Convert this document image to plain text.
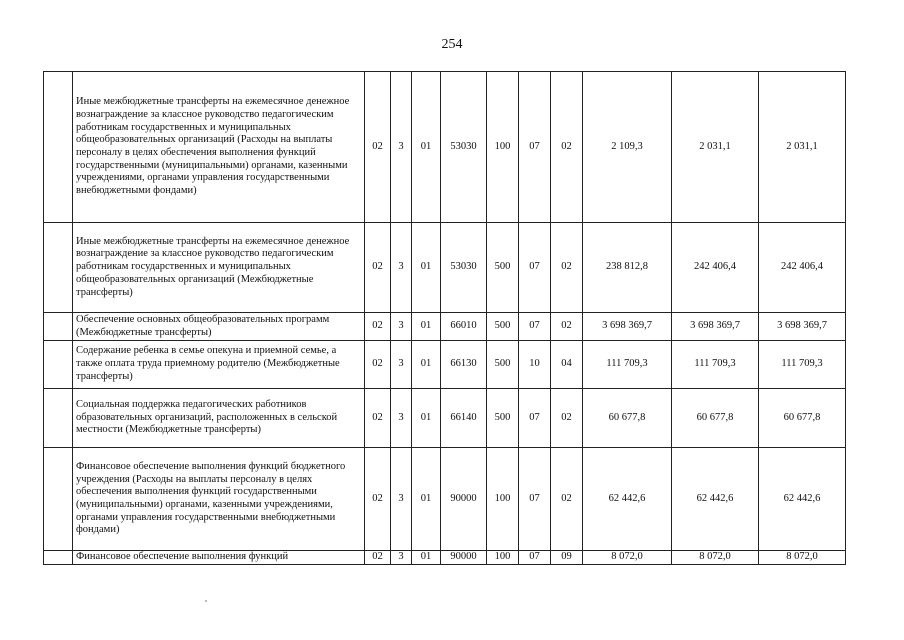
254
	Иные межбюджетные трансферты на ежемесячное денежное вознаграждение за классное руководство педагогическим работникам государственных и муниципальных общеобразовательных организаций (Расходы на выплаты персоналу в целях обеспечения выполнения функций государственными (муниципальными) органами, казенными учреждениями, органами управления государственными внебюджетными фондами)	02	3	01	53030	100	07	02	2 109,3	2 031,1	2 031,1
	Иные межбюджетные трансферты на ежемесячное денежное вознаграждение за классное руководство педагогическим работникам государственных и муниципальных общеобразовательных организаций (Межбюджетные трансферты)	02	3	01	53030	500	07	02	238 812,8	242 406,4	242 406,4
	Обеспечение основных общеобразовательных программ (Межбюджетные трансферты)	02	3	01	66010	500	07	02	3 698 369,7	3 698 369,7	3 698 369,7
	Содержание ребенка в семье опекуна и приемной семье, а также оплата труда приемному родителю (Межбюджетные трансферты)	02	3	01	66130	500	10	04	111 709,3	111 709,3	111 709,3
	Социальная поддержка педагогических работников образовательных организаций, расположенных в сельской местности (Межбюджетные трансферты)	02	3	01	66140	500	07	02	60 677,8	60 677,8	60 677,8
	Финансовое обеспечение выполнения функций бюджетного учреждения (Расходы на выплаты персоналу в целях обеспечения выполнения функций государственными (муниципальными) органами, казенными учреждениями, органами управления государственными внебюджетными фондами)	02	3	01	90000	100	07	02	62 442,6	62 442,6	62 442,6
	Финансовое обеспечение выполнения функций	02	3	01	90000	100	07	09	8 072,0	8 072,0	8 072,0
